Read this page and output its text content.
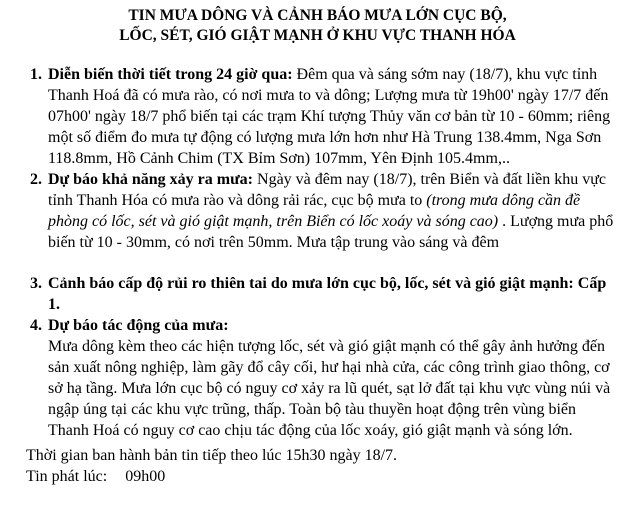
TIN MƯA DÔNG VÀ CẢNH BÁO MƯA LỚN CỤC BỘ,
LỐC, SÉT, GIÓ GIẬT MẠNH Ở KHU VỰC THANH HÓA
1. Diễn biến thời tiết trong 24 giờ qua: Đêm qua và sáng sớm nay (18/7), khu vực tỉnh Thanh Hoá đã có mưa rào, có nơi mưa to và dông; Lượng mưa từ 19h00' ngày 17/7 đến 07h00' ngày 18/7 phổ biến tại các trạm Khí tượng Thủy văn cơ bản từ 10 - 60mm; riêng một số điểm đo mưa tự động có lượng mưa lớn hơn như Hà Trung 138.4mm, Nga Sơn 118.8mm, Hồ Cảnh Chim (TX Bỉm Sơn) 107mm, Yên Định 105.4mm,..
2. Dự báo khả năng xảy ra mưa: Ngày và đêm nay (18/7), trên Biển và đất liền khu vực tỉnh Thanh Hóa có mưa rào và dông rải rác, cục bộ mưa to (trong mưa dông cần đề phòng có lốc, sét và gió giật mạnh, trên Biển có lốc xoáy và sóng cao) . Lượng mưa phổ biến từ 10 - 30mm, có nơi trên 50mm. Mưa tập trung vào sáng và đêm
3. Cảnh báo cấp độ rủi ro thiên tai do mưa lớn cục bộ, lốc, sét và gió giật mạnh: Cấp 1.
4. Dự báo tác động của mưa:
Mưa dông kèm theo các hiện tượng lốc, sét và gió giật mạnh có thể gây ảnh hưởng đến sản xuất nông nghiệp, làm gãy đổ cây cối, hư hại nhà cửa, các công trình giao thông, cơ sở hạ tầng. Mưa lớn cục bộ có nguy cơ xảy ra lũ quét, sạt lở đất tại khu vực vùng núi và ngập úng tại các khu vực trũng, thấp. Toàn bộ tàu thuyền hoạt động trên vùng biển Thanh Hoá có nguy cơ cao chịu tác động của lốc xoáy, gió giật mạnh và sóng lớn.
Thời gian ban hành bản tin tiếp theo lúc 15h30 ngày 18/7.
Tin phát lúc: 09h00
